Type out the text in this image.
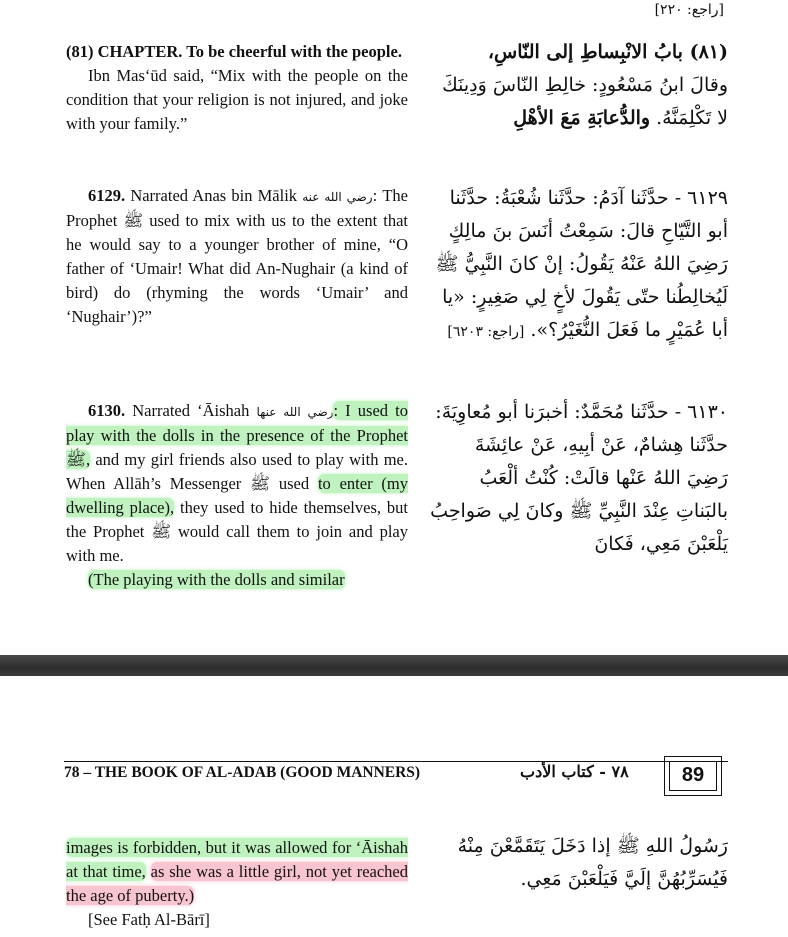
[راجع: ٢٢٠]

(81) CHAPTER. To be cheerful with the people.

Ibn Mas‘ūd said, “Mix with the people on the condition that your religion is not injured, and joke with your family.”

6129. Narrated Anas bin Mālik رضي الله عنه: The Prophet ﷺ used to mix with us to the extent that he would say to a younger brother of mine, “O father of ‘Umair! What did An-Nughair (a kind of bird) do (rhyming the words ‘Umair’ and ‘Nughair’)?”

6130. Narrated ‘Āishah رضي الله عنها: I used to play with the dolls in the presence of the Prophet ﷺ, and my girl friends also used to play with me. When Allāh’s Messenger ﷺ used to enter (my dwelling place), they used to hide themselves, but the Prophet ﷺ would call them to join and play with me.

(The playing with the dolls and similar

(٨١) بابُ الانْبِساطِ إلى النّاسِ،

وقالَ ابنُ مَسْعُودٍ: خالِطِ النّاسَ وَدِينَكَ لا تَكْلِمَنَّهُ. والدُّعابَةِ مَعَ الأهْلِ

٦١٢٩ - حدَّثَنا آدَمُ: حدَّثَنا شُعْبَةُ: حدَّثَنا أبو التَّيّاحِ قالَ: سَمِعْتُ أنَسَ بنَ مالِكٍ رَضِيَ اللهُ عَنْهُ يَقُولُ: إنْ كانَ النَّبِيُّ ﷺ لَيُخالِطُنا حتّى يَقُولَ لأخٍ لِي صَغِيرٍ: «يا أبا عُمَيْرٍ ما فَعَلَ النُّغَيْرُ؟». [راجع: ٦٢٠٣]

٦١٣٠ - حدَّثَنا مُحَمَّدٌ: أخبرَنا أبو مُعاوِيَةَ: حدَّثَنا هِشامٌ، عَنْ أبِيهِ، عَنْ عائِشَةَ رَضِيَ اللهُ عَنْها قالَتْ: كُنْتُ ألْعَبُ بالبَناتِ عِنْدَ النَّبِيِّ ﷺ وكانَ لِي صَواحِبُ يَلْعَبْنَ مَعِي، فَكانَ

78 – THE BOOK OF AL-ADAB (GOOD MANNERS)	٧٨ - كتاب الأدب	89

images is forbidden, but it was allowed for ‘Āishah at that time, as she was a little girl, not yet reached the age of puberty.)

[See Fatḥ Al-Bārī]

رَسُولُ اللهِ ﷺ إذا دَخَلَ يَتَقَمَّعْنَ مِنْهُ فَيُسَرِّبُهُنَّ إلَيَّ فَيَلْعَبْنَ مَعِي.
